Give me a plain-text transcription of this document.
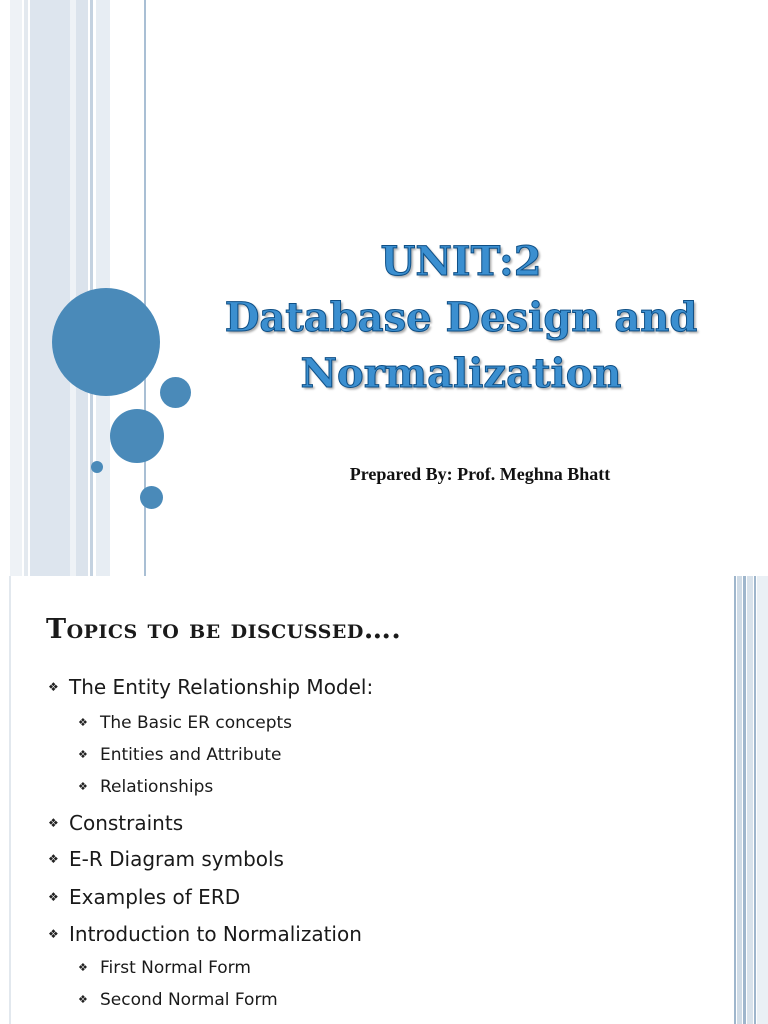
UNIT:2
Database Design and
Normalization
Prepared By: Prof. Meghna Bhatt
Topics to be discussed….
❖ The Entity Relationship Model:
❖ The Basic ER concepts
❖ Entities and Attribute
❖ Relationships
❖ Constraints
❖ E-R Diagram symbols
❖ Examples of ERD
❖ Introduction to Normalization
❖ First Normal Form
❖ Second Normal Form
